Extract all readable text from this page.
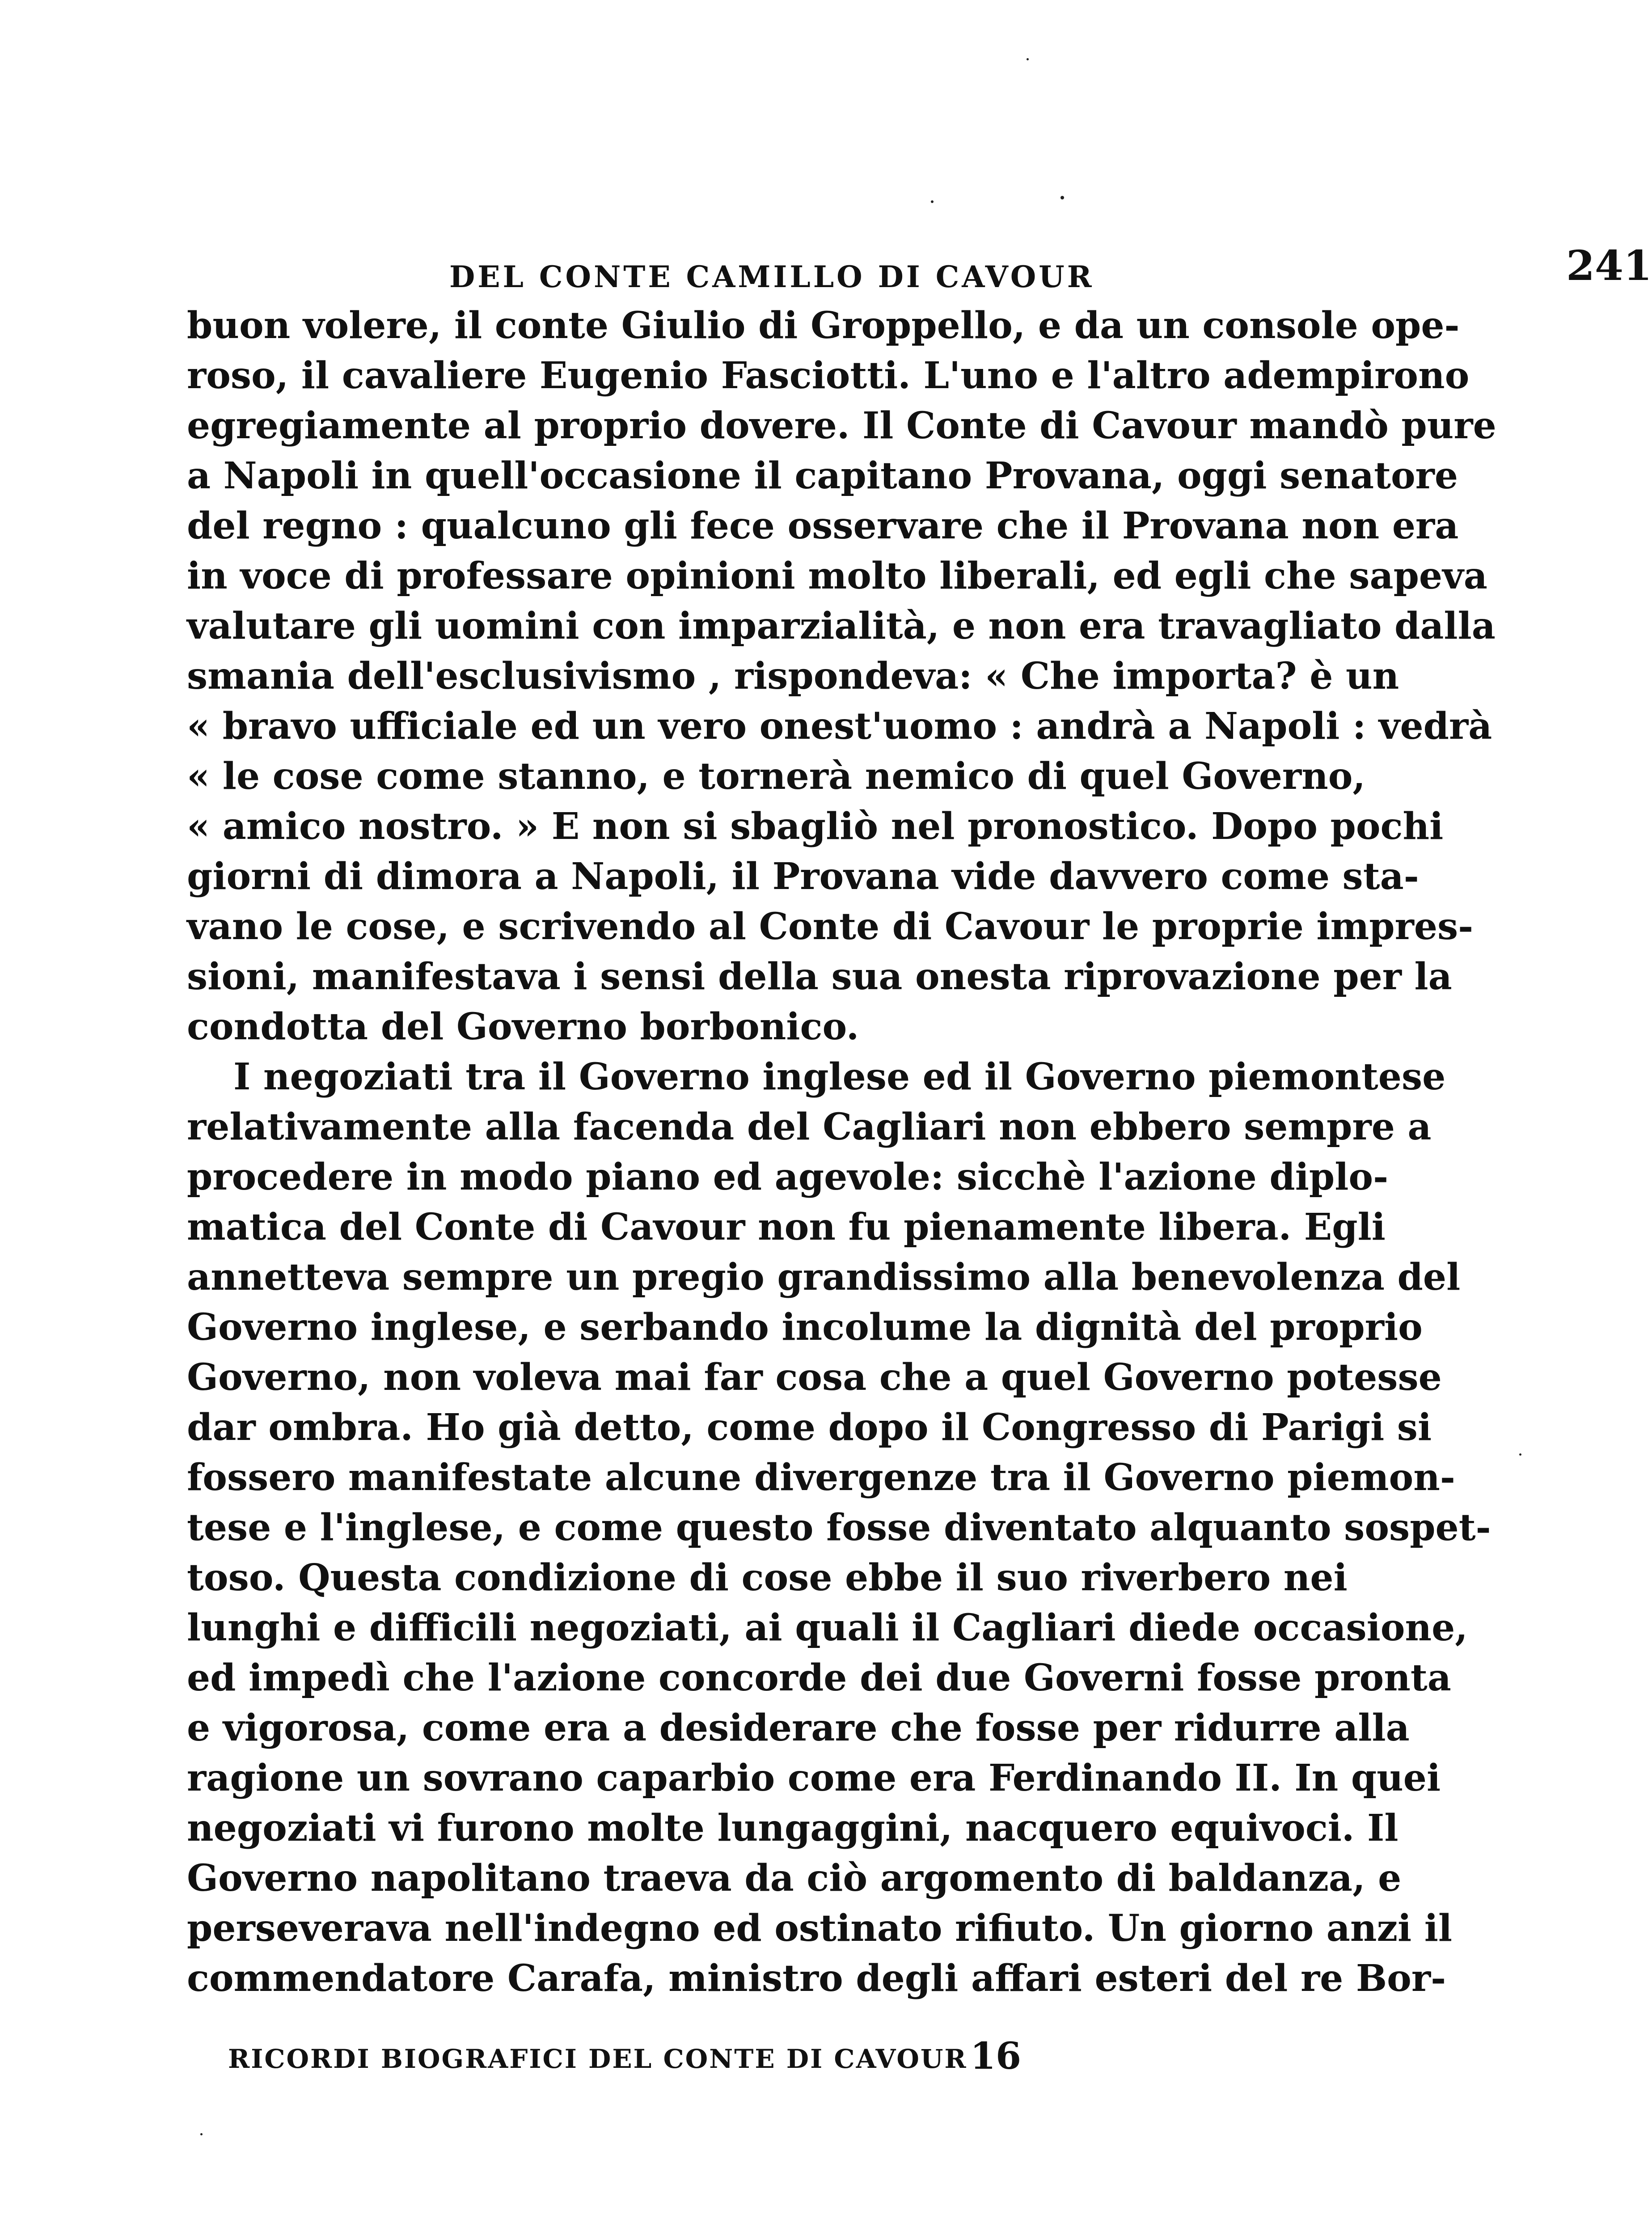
DEL CONTE CAMILLO DI CAVOUR	241
buon volere, il conte Giulio di Groppello, e da un console ope-
roso, il cavaliere Eugenio Fasciotti. L'uno e l'altro adempirono
egregiamente al proprio dovere. Il Conte di Cavour mandò pure
a Napoli in quell'occasione il capitano Provana, oggi senatore
del regno : qualcuno gli fece osservare che il Provana non era
in voce di professare opinioni molto liberali, ed egli che sapeva
valutare gli uomini con imparzialità, e non era travagliato dalla
smania dell'esclusivismo , rispondeva: « Che importa? è un
« bravo ufficiale ed un vero onest'uomo : andrà a Napoli : vedrà
« le cose come stanno, e tornerà nemico di quel Governo,
« amico nostro. » E non si sbagliò nel pronostico. Dopo pochi
giorni di dimora a Napoli, il Provana vide davvero come sta-
vano le cose, e scrivendo al Conte di Cavour le proprie impres-
sioni, manifestava i sensi della sua onesta riprovazione per la
condotta del Governo borbonico.
I negoziati tra il Governo inglese ed il Governo piemontese
relativamente alla facenda del Cagliari non ebbero sempre a
procedere in modo piano ed agevole: sicchè l'azione diplo-
matica del Conte di Cavour non fu pienamente libera. Egli
annetteva sempre un pregio grandissimo alla benevolenza del
Governo inglese, e serbando incolume la dignità del proprio
Governo, non voleva mai far cosa che a quel Governo potesse
dar ombra. Ho già detto, come dopo il Congresso di Parigi si
fossero manifestate alcune divergenze tra il Governo piemon-
tese e l'inglese, e come questo fosse diventato alquanto sospet-
toso. Questa condizione di cose ebbe il suo riverbero nei
lunghi e difficili negoziati, ai quali il Cagliari diede occasione,
ed impedì che l'azione concorde dei due Governi fosse pronta
e vigorosa, come era a desiderare che fosse per ridurre alla
ragione un sovrano caparbio come era Ferdinando II. In quei
negoziati vi furono molte lungaggini, nacquero equivoci. Il
Governo napolitano traeva da ciò argomento di baldanza, e
perseverava nell'indegno ed ostinato rifiuto. Un giorno anzi il
commendatore Carafa, ministro degli affari esteri del re Bor-
RICORDI BIOGRAFICI DEL CONTE DI CAVOUR 16
